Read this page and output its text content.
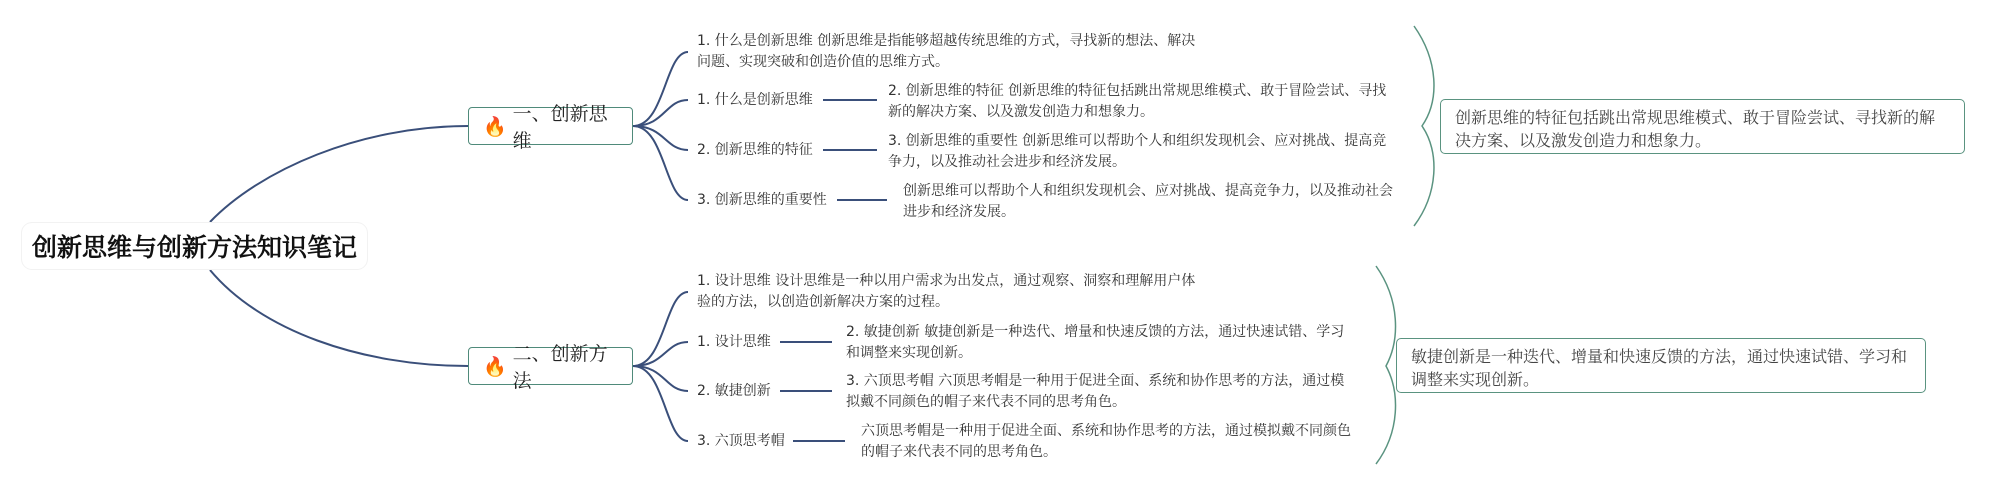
创新思维与创新方法知识笔记
🔥
一、创新思维
1. 什么是创新思维 创新思维是指能够超越传统思维的方式，寻找新的想法、解决问题、实现突破和创造价值的思维方式。
1. 什么是创新思维
2. 创新思维的特征
3. 创新思维的重要性
2. 创新思维的特征 创新思维的特征包括跳出常规思维模式、敢于冒险尝试、寻找新的解决方案、以及激发创造力和想象力。
3. 创新思维的重要性 创新思维可以帮助个人和组织发现机会、应对挑战、提高竞争力，以及推动社会进步和经济发展。
创新思维可以帮助个人和组织发现机会、应对挑战、提高竞争力，以及推动社会进步和经济发展。
创新思维的特征包括跳出常规思维模式、敢于冒险尝试、寻找新的解决方案、以及激发创造力和想象力。
🔥
二、创新方法
1. 设计思维 设计思维是一种以用户需求为出发点，通过观察、洞察和理解用户体验的方法，以创造创新解决方案的过程。
1. 设计思维
2. 敏捷创新
3. 六顶思考帽
2. 敏捷创新 敏捷创新是一种迭代、增量和快速反馈的方法，通过快速试错、学习和调整来实现创新。
3. 六顶思考帽 六顶思考帽是一种用于促进全面、系统和协作思考的方法，通过模拟戴不同颜色的帽子来代表不同的思考角色。
六顶思考帽是一种用于促进全面、系统和协作思考的方法，通过模拟戴不同颜色的帽子来代表不同的思考角色。
敏捷创新是一种迭代、增量和快速反馈的方法，通过快速试错、学习和调整来实现创新。
